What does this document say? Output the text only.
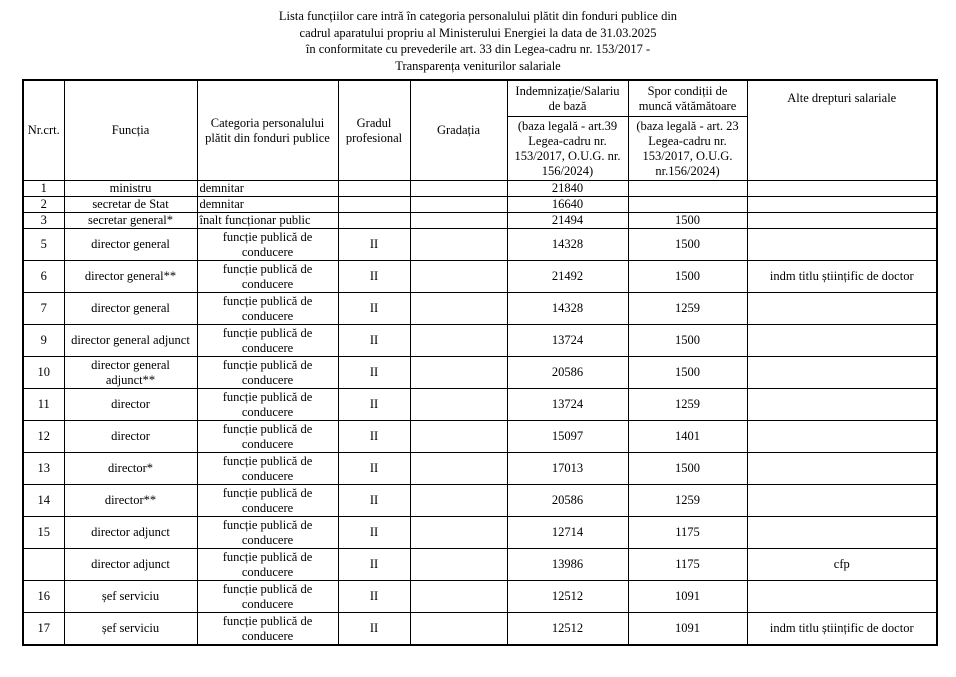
Lista funcțiilor care intră în categoria personalului plătit din fonduri publice din
cadrul aparatului propriu al Ministerului Energiei la data de 31.03.2025
în conformitate cu prevederile art. 33 din Legea-cadru nr. 153/2017 -
Transparența veniturilor salariale
Nr.crt.	Funcția	Categoria personalului plătit din fonduri publice	Gradul profesional	Gradația	Indemnizație/Salariu de bază	Spor condiții de muncă vătămătoare	Alte drepturi salariale
					(baza legală - art.39 Legea-cadru nr. 153/2017, O.U.G. nr. 156/2024)	(baza legală - art. 23 Legea-cadru nr. 153/2017, O.U.G. nr.156/2024)	
1	ministru	demnitar			21840		
2	secretar de Stat	demnitar			16640		
3	secretar general*	înalt funcționar public			21494	1500	
5	director general	funcție publică de conducere	II		14328	1500	
6	director general**	funcție publică de conducere	II		21492	1500	indm titlu științific de doctor
7	director general	funcție publică de conducere	II		14328	1259	
9	director general adjunct	funcție publică de conducere	II		13724	1500	
10	director general adjunct**	funcție publică de conducere	II		20586	1500	
11	director	funcție publică de conducere	II		13724	1259	
12	director	funcție publică de conducere	II		15097	1401	
13	director*	funcție publică de conducere	II		17013	1500	
14	director**	funcție publică de conducere	II		20586	1259	
15	director adjunct	funcție publică de conducere	II		12714	1175	
	director adjunct	funcție publică de conducere	II		13986	1175	cfp
16	șef serviciu	funcție publică de conducere	II		12512	1091	
17	șef serviciu	funcție publică de conducere	II		12512	1091	indm titlu științific de doctor
